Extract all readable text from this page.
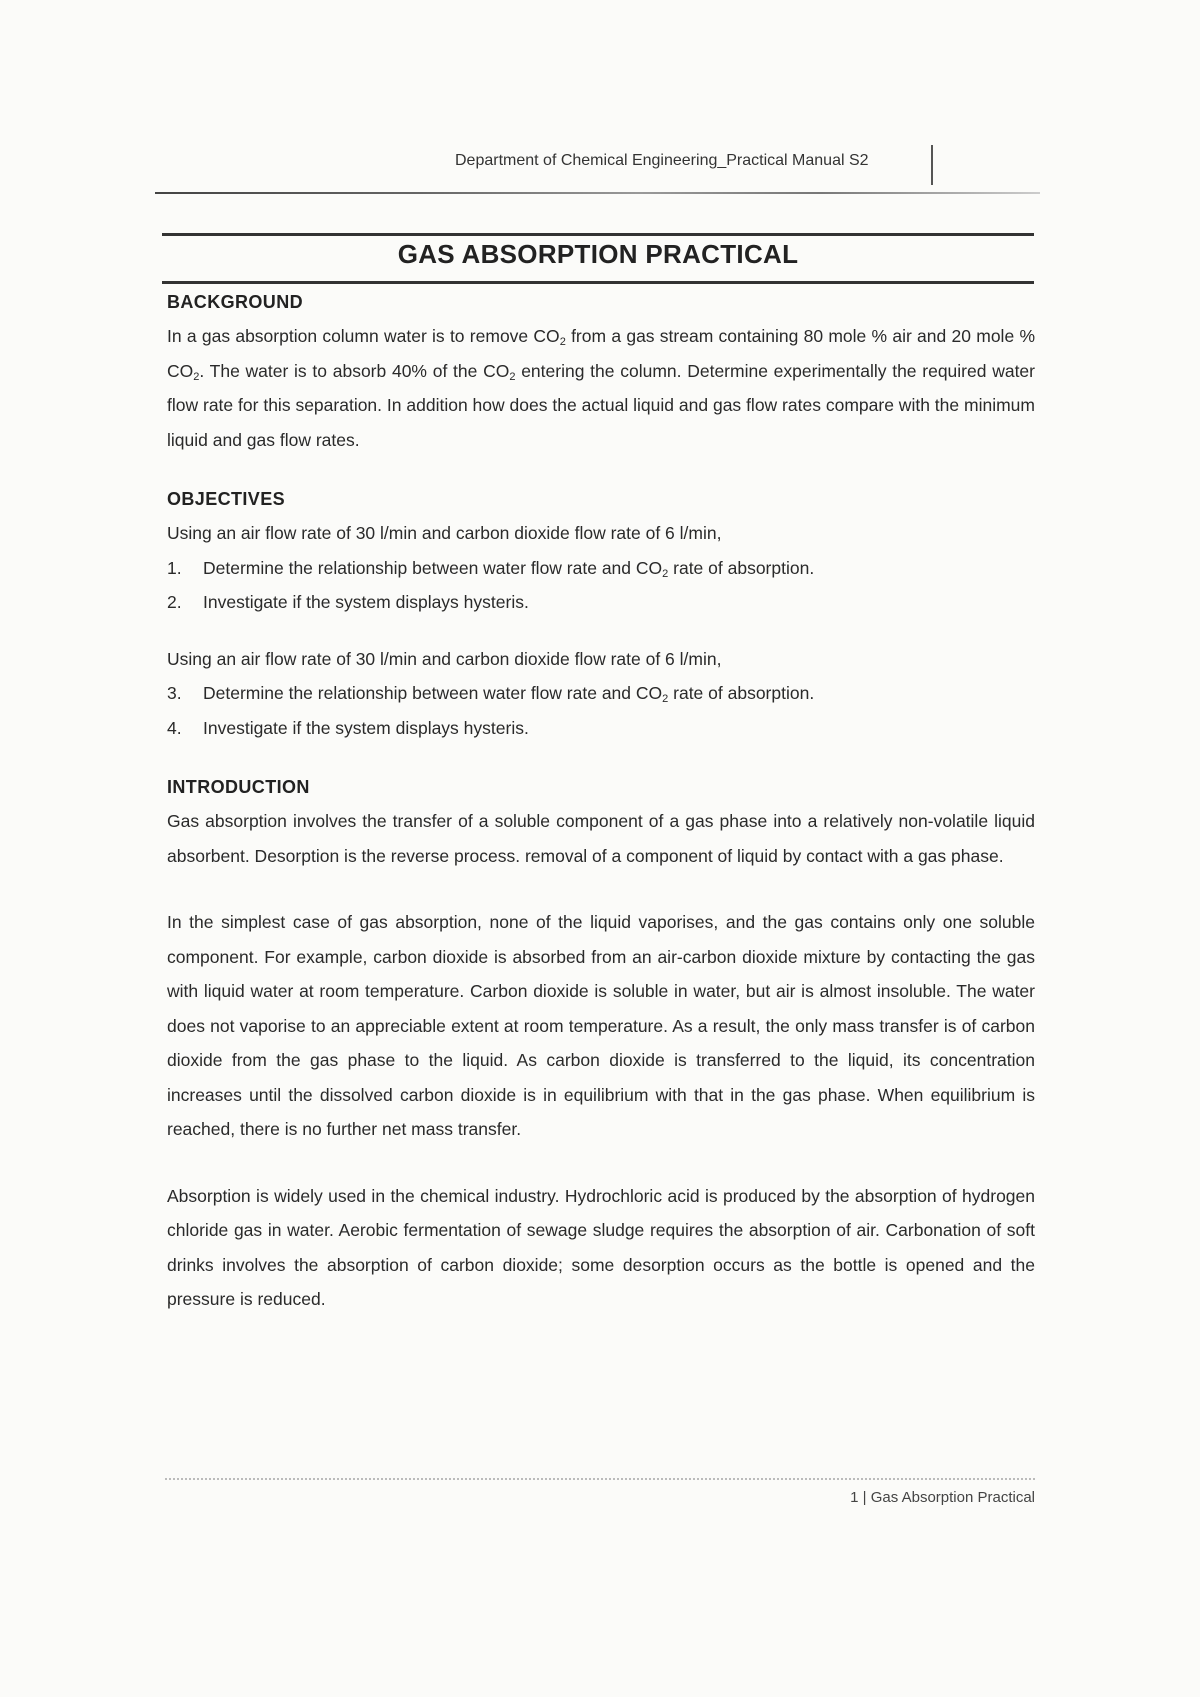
Department of Chemical Engineering_Practical Manual S2
GAS ABSORPTION PRACTICAL
BACKGROUND

In a gas absorption column water is to remove $CO_2$ from a gas stream containing 80 mole % air and 20 mole % $CO_2$. The water is to absorb 40% of the $CO_2$ entering the column. Determine experimentally the required water flow rate for this separation. In addition how does the actual liquid and gas flow rates compare with the minimum liquid and gas flow rates.

OBJECTIVES

Using an air flow rate of 30 l/min and carbon dioxide flow rate of 6 l/min,

1.	Determine the relationship between water flow rate and $CO_2$ rate of absorption.
2.	Investigate if the system displays hysteris.

Using an air flow rate of 30 l/min and carbon dioxide flow rate of 6 l/min,

3.	Determine the relationship between water flow rate and $CO_2$ rate of absorption.
4.	Investigate if the system displays hysteris.
INTRODUCTION

Gas absorption involves the transfer of a soluble component of a gas phase into a relatively non-volatile liquid absorbent. Desorption is the reverse process. removal of a component of liquid by contact with a gas phase.

In the simplest case of gas absorption, none of the liquid vaporises, and the gas contains only one soluble component. For example, carbon dioxide is absorbed from an air-carbon dioxide mixture by contacting the gas with liquid water at room temperature. Carbon dioxide is soluble in water, but air is almost insoluble. The water does not vaporise to an appreciable extent at room temperature. As a result, the only mass transfer is of carbon dioxide from the gas phase to the liquid. As carbon dioxide is transferred to the liquid, its concentration increases until the dissolved carbon dioxide is in equilibrium with that in the gas phase. When equilibrium is reached, there is no further net mass transfer.

Absorption is widely used in the chemical industry. Hydrochloric acid is produced by the absorption of hydrogen chloride gas in water. Aerobic fermentation of sewage sludge requires the absorption of air. Carbonation of soft drinks involves the absorption of carbon dioxide; some desorption occurs as the bottle is opened and the pressure is reduced.

1 | Gas Absorption Practical
